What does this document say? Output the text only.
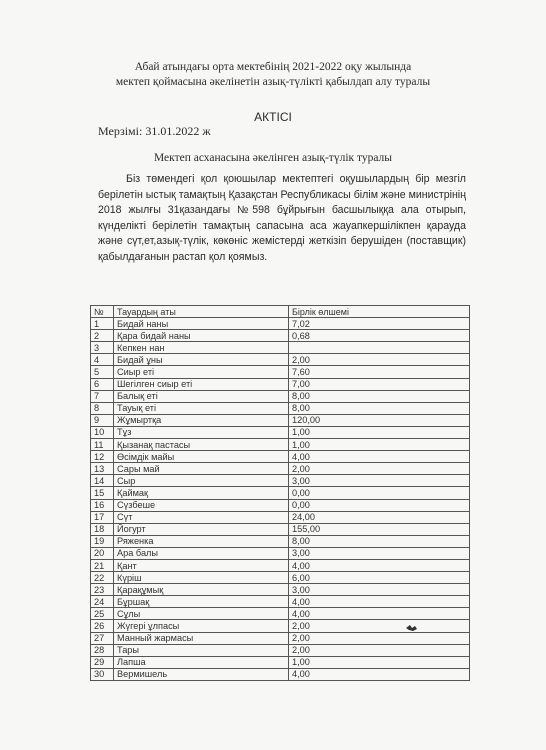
Абай атындағы орта мектебінің 2021-2022 оқу жылында
мектеп қоймасына әкелінетін азық-түлікті қабылдап алу туралы
АКТІСІ
Мерзімі: 31.01.2022 ж
Мектеп асханасына әкелінген азық-түлік туралы
Біз төмендегі қол қоюшылар мектептегі оқушылардың бір мезгіл берілетін ыстық тамақтың Қазақстан Республикасы білім және министрінің 2018 жылғы 31қазандағы №598 бұйрығын басшылыққа ала отырып, күнделікті берілетін тамақтың сапасына аса жауапкершілікпен қарауда және сүт,ет,азық-түлік, көкөніс жемістерді жеткізіп берушіден (поставщик) қабылдағанын растап қол қоямыз.
№	Тауардың аты	Бірлік өлшемі
1	Бидай наны	7,02
2	Қара бидай наны	0,68
3	Кепкен нан	
4	Бидай ұны	2,00
5	Сиыр еті	7,60
6	Шегілген сиыр еті	7,00
7	Балық еті	8,00
8	Тауық еті	8,00
9	Жұмыртқа	120,00
10	Тұз	1,00
11	Қызанақ пастасы	1,00
12	Өсімдік майы	4,00
13	Сары май	2,00
14	Сыр	3,00
15	Қаймақ	0,00
16	Сүзбеше	0,00
17	Сүт	24,00
18	Йогурт	155,00
19	Ряженка	8,00
20	Ара балы	3,00
21	Қант	4,00
22	Күріш	6,00
23	Қарақұмық	3,00
24	Бұршақ	4,00
25	Сұлы	4,00
26	Жүгері ұлпасы	2,00
27	Манный жармасы	2,00
28	Тары	2,00
29	Лапша	1,00
30	Вермишель	4,00
